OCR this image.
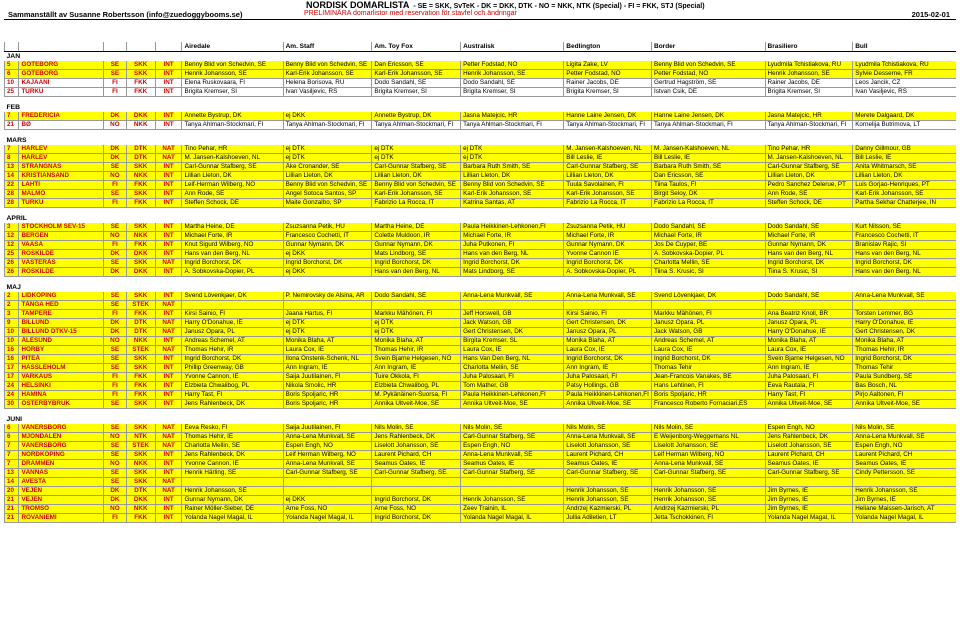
NORDISK DOMARLISTA - SE = SKK, SvTeK - DK = DKK, DTK - NO = NKK, NTK (Special) - FI = FKK, STJ (Special)
Sammanställt av Susanne Robertsson (info@zuedoggybooms.se)	PRELIMINÄRA domarlistor med reservation för stavfel och ändringar	2015-02-01
					Airedale	Am. Staff	Am. Toy Fox	Australisk	Bedlington	Border	Brasiliero	Bull
JAN												
5	GÖTEBORG	SE	SKK	INT	Benny Blid von Schedvin, SE	Benny Blid von Schedvin, SE	Dan Ericsson, SE	Petter Fodstad, NO	Ligita Zake, LV	Benny Blid von Schedvin, SE	Lyudmila Tchistiakova, RU	Lyudmila Tchistiakova, RU
6	GÖTEBORG	SE	SKK	INT	Henrik Johansson, SE	Karl-Erik Johansson, SE	Karl-Erik Johansson, SE	Henrik Johansson, SE	Petter Fodstad, NO	Petter Fodstad, NO	Henrik Johansson, SE	Sylvie Desserne, FR
10	KAJAANI	FI	FKK	INT	Elena Ruskovaara, FI	Helena Borisova, RU	Dodo Sandahl, SE	Dodo Sandahl, SE	Rainer Jacobs, DE	Gertrud Hagström, SE	Rainer Jacobs, DE	Leos Jancik, CZ
25	TURKU	FI	FKK	INT	Brigita Kremser, SI	Ivan Vasiljevic, RS	Brigita Kremser, SI	Brigita Kremser, SI	Brigita Kremser, SI	Istvan Csik, DE	Brigita Kremser, SI	Ivan Vasiljevic, RS

FEB												
7	FREDERICIA	DK	DKK	INT	Annette Bystrup, DK	ej DKK	Annette Bystrup, DK	Jasna Matejcic, HR	Hanne Laine Jensen, DK	Hanne Laine Jensen, DK	Jasna Matejcic, HR	Merete Dalgaard, DK
21	BØ	NO	NKK	INT	Tanya Ahlman-Stockmari, FI	Tanya Ahlman-Stockmari, FI	Tanya Ahlman-Stockmari, FI	Tanya Ahlman-Stockmari, FI	Tanya Ahlman-Stockmari, FI	Tanya Ahlman-Stockmari, FI	Tanya Ahlman-Stockmari, FI	Kornelija Butrimova, LT

MARS												
7	HÄRLEV	DK	DTK	NAT	Tino Pehar, HR	ej DTK	ej DTK	ej DTK	M. Jansen-Kalshoeven, NL	M. Jansen-Kalshoeven, NL	Tino Pehar, HR	Danny Gillmour, GB
8	HÄRLEV	DK	DTK	NAT	M. Jansen-Kalshoeven, NL	ej DTK	ej DTK	ej DTK	Bill Leslie, IE	Bill Leslie, IE	M. Jansen-Kalshoeven, NL	Bill Leslie, IE
13	STRÄNGNÄS	SE	SKK	INT	Carl-Gunnar Stafberg, SE	Åke Cronander, SE	Carl-Gunnar Stafberg, SE	Barbara Ruth Smith, SE	Carl-Gunnar Stafberg, SE	Barbara Ruth Smith, SE	Carl-Gunnar Stafberg, SE	Anita Whitmarsch, SE
14	KRISTIANSAND	NO	NKK	INT	Lillian Lleton, DK	Lillian Lleton, DK	Lillian Lleton, DK	Lillian Lleton, DK	Lillian Lleton, DK	Dan Ericsson, SE	Lillian Lleton, DK	Lillian Lleton, DK
22	LAHTI	FI	FKK	INT	Leif-Herman Wilberg, NO	Benny Blid von Schedvin, SE	Benny Blid von Schedvin, SE	Benny Blid von Schedvin, SE	Tuula Savolainen, FI	Tiina Taulos, FI	Pedro Sanchez Delerue, PT	Luis Gorjao-Henriques, PT
28	MALMÖ	SE	SKK	INT	Ann Rode, SE	Angel Sotoca Santos, SP	Karl-Erik Johansson, SE	Karl-Erik Johansson, SE	Karl-Erik Johansson, SE	Birgit Seloy, DK	Ann Rode, SE	Karl-Erik Johansson, SE
28	TURKU	FI	FKK	INT	Steffen Schock, DE	Maite Gonzalbo, SP	Fabrizio La Rocca, IT	Katrina Santas, AT	Fabrizio La Rocca, IT	Fabrizio La Rocca, IT	Steffen Schock, DE	Partha Sekhar Chatterjee, IN

APRIL												
3	STOCKHOLM SEV-15	SE	SKK	INT	Martha Heine, DE	Zsuzsanna Petik, HU	Martha Heine, DE	Paula Heikkinen-Lehkonen,FI	Zsuzsanna Petik, HU	Dodo Sandahl, SE	Dodo Sandahl, SE	Kurt Nilsson, SE
12	BERGEN	NO	NKK	INT	Michael Forte, IR	Francesco Cochetti, IT	Colette Muldoon, IR	Michael Forte, IR	Michael Forte, IR	Michael Forte, IR	Michael Forte, IR	Francesco Cochetti, IT
12	VAASA	FI	FKK	INT	Knut Sigurd Wilberg, NO	Gunnar Nymann, DK	Gunnar Nymann, DK	Juha Putkonen, FI	Gunnar Nymann, DK	Jos De Cuyper, BE	Gunnar Nymann, DK	Branislav Rajic, SI
25	ROSKILDE	DK	DKK	INT	Hans van den Berg, NL	ej DKK	Mats Lindborg, SE	Hans van den Berg, NL	Yvonne Cannon IE	A. Sobkovska-Dopier, PL	Hans van den Berg, NL	Hans van den Berg, NL
26	VÄSTERÅS	SE	SKK	NAT	Ingrid Borchorst, DK	Ingrid Borchorst, DK	Ingrid Borchorst, DK	Ingrid Borchorst, DK	Ingrid Borchorst, DK	Charlotta Mellin, SE	Ingrid Borchorst, DK	Ingrid Borchorst, DK
26	ROSKILDE	DK	DKK	INT	A. Sobkovska-Dopier, PL	ej DKK	Hans van den Berg, NL	Mats Lindborg, SE	A. Sobkovska-Dopier, PL	Tiina S. Krusic, SI	Tiina S. Krusic, SI	Hans van den Berg, NL

MAJ												
2	LIDKÖPING	SE	SKK	INT	Svend Lövenkjaer, DK	P. Nemirovsky de Alsina, AR	Dodo Sandahl, SE	Anna-Lena Munkvall, SE	Anna-Lena Munkvall, SE	Svend Lövenkjaer, DK	Dodo Sandahl, SE	Anna-Lena Munkvall, SE
2	TÅNGA HED	SE	STEK	NAT								
3	TAMPERE	FI	FKK	INT	Kirsi Sainio, FI	Jaana Hartus, FI	Markku Mähönen, FI	Jeff Horswell, GB	Kirsi Sainio, FI	Markku Mähönen, FI	Ana Beatriz Knoll, BR	Torsten Lemmer, BG
9	BILLUND	DK	DTK	NAT	Harry O'Donahue, IE	ej DTK	ej DTK	Jack Watson, GB	Gert Christensen, DK	Janusz Opara, PL	Janusz Opara, PL	Harry O'Donahue, IE
10	BILLUND DTKV-15	DK	DTK	NAT	Janusz Opara, PL	ej DTK	ej DTK	Gert Christensen, DK	Janusz Opara, PL	Jack Watson, GB	Harry O'Donahue, IE	Gert Christensen, DK
10	ÅLESUND	NO	NKK	INT	Andreas Schemel, AT	Monika Blaha, AT	Monika Blaha, AT	Birgita Kremser, SL	Monika Blaha, AT	Andreas Schemel, AT	Monika Blaha, AT	Monika Blaha, AT
16	HÖRBY	SE	STEK	NAT	Thomas Hehir, IR	Laura Cox, IE	Thomas Hehir, IR	Laura Cox, IE	Laura Cox, IE	Laura Cox, IE	Laura Cox, IE	Thomas Hehir, IR
16	PITEÅ	SE	SKK	INT	Ingrid Borchorst, DK	Ilona Onstenk-Schenk, NL	Svein Bjarne Helgesen, NO	Hans Van Den Berg, NL	Ingrid Borchorst, DK	Ingrid Borchorst, DK	Svein Bjarne Helgesen, NO	Ingrid Borchorst, DK
17	HÄSSLEHOLM	SE	SKK	INT	Phillip Greenway, GB	Ann Ingram, IE	Ann Ingram, IE	Charlotta Mellin, SE	Ann Ingram, IE	Thomas Tehir	Ann Ingram, IE	Thomas Tehir
17	VARKAUS	FI	FKK	INT	Yvonne Cannon, IE	Saija Juutilainen, FI	Tuire Okkola, FI	Juha Palosaari, FI	Juha Palosaari, FI	Jean-Francois Vanakes, BE	Juha Palosaari, FI	Paula Sundberg, SE
24	HELSINKI	FI	FKK	INT	Elzbieta Chwalibog, PL	Nikola Smolic, HR	Elzbieta Chwalibog, PL	Tom Mather, GB	Patsy Hollings, GB	Hans Lehtinen, FI	Eeva Rautala, FI	Bas Bosch, NL
24	HAMINA	FI	FKK	INT	Harry Tast, FI	Boris Spoljaric, HR	M. Pykänäinen-Suorsa, FI	Paula Heikkinen-Lehkonen,FI	Paula Heikkinen-Lehkonen,FI	Boris Spoljaric, HR	Harry Tast, FI	Pirjo Aaltonen, FI
30	ÖSTERBYBRUK	SE	SKK	INT	Jens Rahlenbeck, DK	Boris Spoljaric, HR	Annika Ultveit-Moe, SE	Annika Ultveit-Moe, SE	Annika Ultveit-Moe, SE	Francesco Roberto Fornaciari,ES	Annika Ultveit-Moe, SE	Annika Ultveit-Moe, SE

JUNI												
6	VÄNERSBORG	SE	SKK	NAT	Eeva Resko, FI	Saija Juutilainen, FI	Nils Molin, SE	Nils Molin, SE	Nils Molin, SE	Nils Molin, SE	Espen Engh, NO	Nils Molin, SE
6	MJÖNDALEN	NO	NTK	NAT	Thomas Hehir, IE	Anna-Lena Munkvall, SE	Jens Rahlenbeck, DK	Carl-Gunnar Stafberg, SE	Anna-Lena Munkvall, SE	E Weijenborg-Weggemans NL	Jens Rahlenbeck, DK	Anna-Lena Munkvall, SE
7	VÄNERSBORG	SE	STEK	NAT	Charlotta Mellin, SE	Espen Engh, NO	Liselott Johansson, SE	Espen Engh, NO	Liselott Johansson, SE	Liselott Johansson, SE	Liselott Johansson, SE	Espen Engh, NO
7	NORDKOPING	SE	SKK	INT	Jens Rahlenbeck, DK	Leif Herman Wilberg, NO	Laurent Pichard, CH	Anna-Lena Munkvall, SE	Laurent Pichard, CH	Leif Herman Wilberg, NO	Laurent Pichard, CH	Laurent Pichard, CH
7	DRAMMEN	NO	NKK	INT	Yvonne Cannon, IE	Anna-Lena Munkvall, SE	Seamus Oates, IE	Seamus Oates, IE	Seamus Oates, IE	Anna-Lena Munkvall, SE	Seamus Oates, IE	Seamus Oates, IE
13	VÄNNÄS	SE	SKK	INT	Henrik Härling, SE	Carl-Gunnar Stafberg, SE	Carl-Gunnar Stafberg, SE	Carl-Gunnar Stafberg, SE	Carl-Gunnar Stafberg, SE	Carl-Gunnar Stafberg, SE	Carl-Gunnar Stafberg, SE	Cindy Pettersson, SE
14	AVESTA	SE	SKK	NAT								
20	VEJEN	DK	DTK	NAT	Henrik Johansson, SE				Henrik Johansson, SE	Henrik Johansson, SE	Jim Byrnes, IE	Henrik Johansson, SE
21	VEJEN	DK	DKK	INT	Gunnar Nymann, DK	ej DKK	Ingrid Borchorst, DK	Henrik Johansson, SE	Henrik Johansson, SE	Henrik Johansson, SE	Jim Byrnes, IE	Jim Byrnes, IE
21	TROMSÖ	NO	NKK	INT	Rainer Möller-Sieber, DE	Arne Foss, NO	Arne Foss, NO	Zeev Trainin, IL	Andrzej Kazmierski, PL	Andrzej Kazmierski, PL	Jim Byrnes, IE	Heliane Maissen-Jarisch, AT
21	ROVANIEMI	FI	FKK	INT	Yolanda Nagel Magal, IL	Yolanda Nagel Magal, IL	Ingrid Borchorst, DK	Yolanda Nagel Magal, IL	Jullia Adiletien, LT	Jetta Tschokkinen, FI	Yolanda Nagel Magal, IL	Yolanda Nagel Magal, IL
